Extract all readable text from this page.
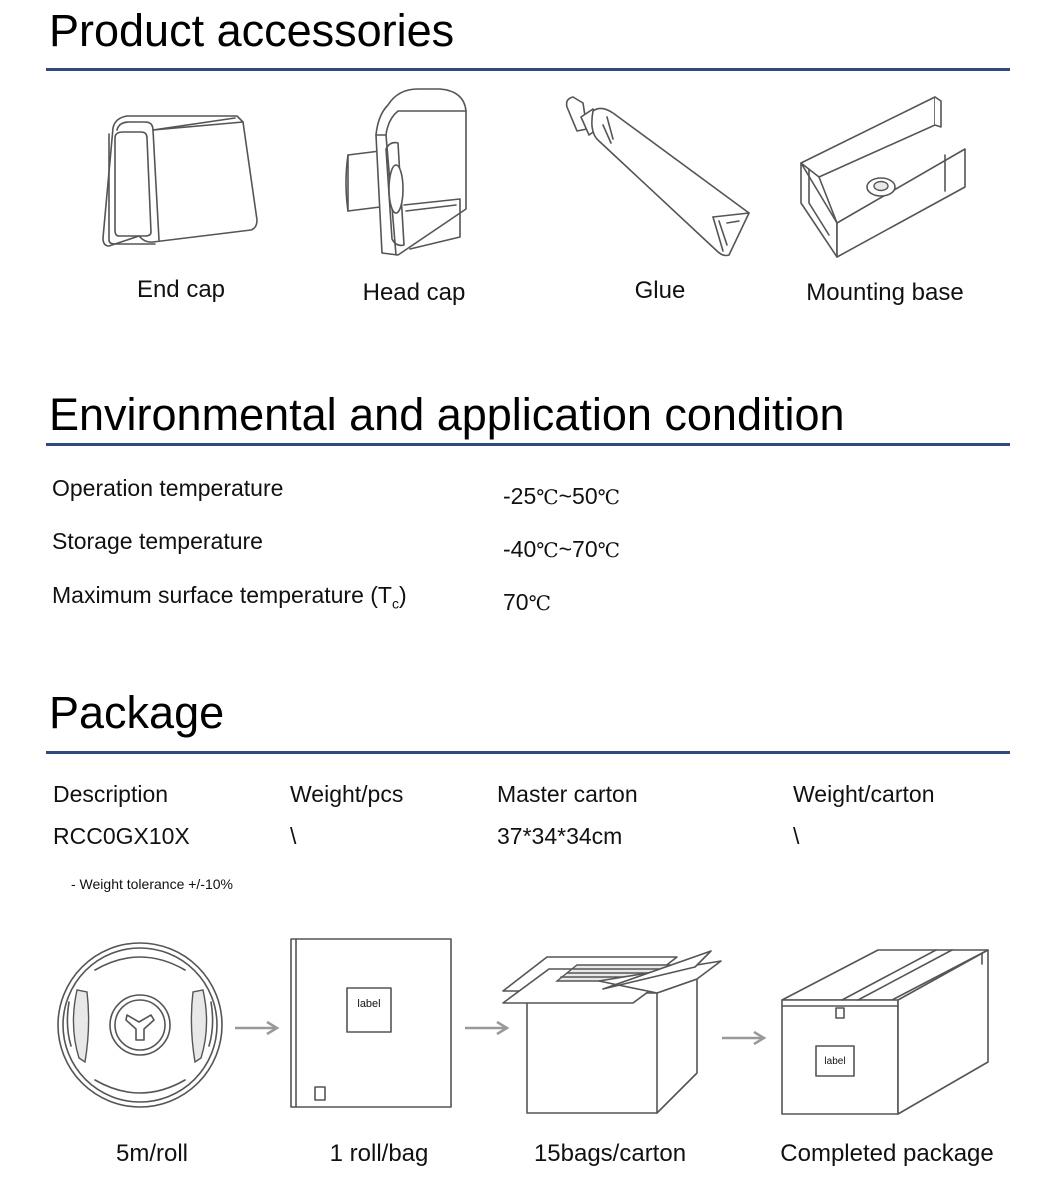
Product accessories
End cap	Head cap	Glue	Mounting base
Environmental and application condition
Operation temperature	-25℃~50℃
Storage temperature	-40℃~70℃
Maximum surface temperature $(T_c)$	70℃
Package
Description	Weight/pcs	Master carton	Weight/carton
RCC0GX10X	\	37*34*34cm	\
- Weight tolerance +/-10%
label
label
5m/roll	1 roll/bag	15bags/carton	Completed package
